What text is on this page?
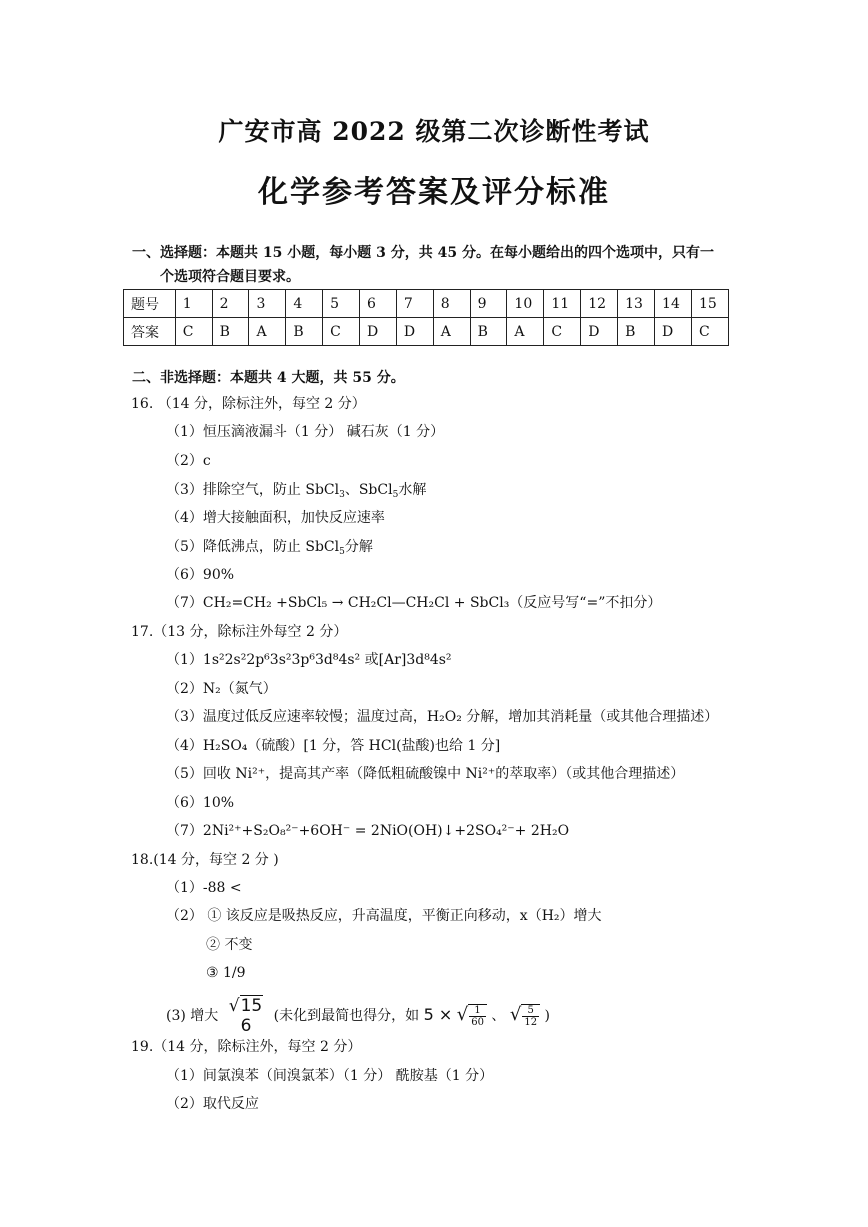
广安市高 2022 级第二次诊断性考试
化学参考答案及评分标准
一、选择题：本题共 15 小题，每小题 3 分，共 45 分。在每小题给出的四个选项中，只有一
个选项符合题目要求。
题号	1	2	3	4	5	6	7	8	9	10	11	12	13	14	15
答案	C	B	A	B	C	D	D	A	B	A	C	D	B	D	C
二、非选择题：本题共 4 大题，共 55 分。
16. （14 分，除标注外，每空 2 分）
（1）恒压滴液漏斗（1 分） 碱石灰（1 分）
（2）c
（3）排除空气，防止 SbCl$_3$、SbCl$_5$水解
（4）增大接触面积，加快反应速率
（5）降低沸点，防止 SbCl$_5$分解
（6）90%
（7）CH₂=CH₂ +SbCl₅ → CH₂Cl—CH₂Cl + SbCl₃（反应号写“=”不扣分）
17.（13 分，除标注外每空 2 分）
（1）1s²2s²2p⁶3s²3p⁶3d⁸4s² 或[Ar]3d⁸4s²
（2）N₂（氮气）
（3）温度过低反应速率较慢；温度过高，H₂O₂ 分解，增加其消耗量（或其他合理描述）
（4）H₂SO₄（硫酸）[1 分，答 HCl(盐酸)也给 1 分]
（5）回收 Ni²⁺，提高其产率（降低粗硫酸镍中 Ni²⁺的萃取率）（或其他合理描述）
（6）10%
（7）2Ni²⁺+S₂O₈²⁻+6OH⁻ = 2NiO(OH)↓+2SO₄²⁻+ 2H₂O
18.(14 分，每空 2 分 )
（1）-88 <
（2） ① 该反应是吸热反应，升高温度，平衡正向移动，x（H₂）增大
② 不变
③ 1/9
(3) 增大 √15
6	(未化到最简也得分，如 5 × √ $\frac{1}{60}$ 、 √ $\frac{5}{12}$ )
19.（14 分，除标注外，每空 2 分）
（1）间氯溴苯（间溴氯苯）（1 分） 酰胺基（1 分）
（2）取代反应
